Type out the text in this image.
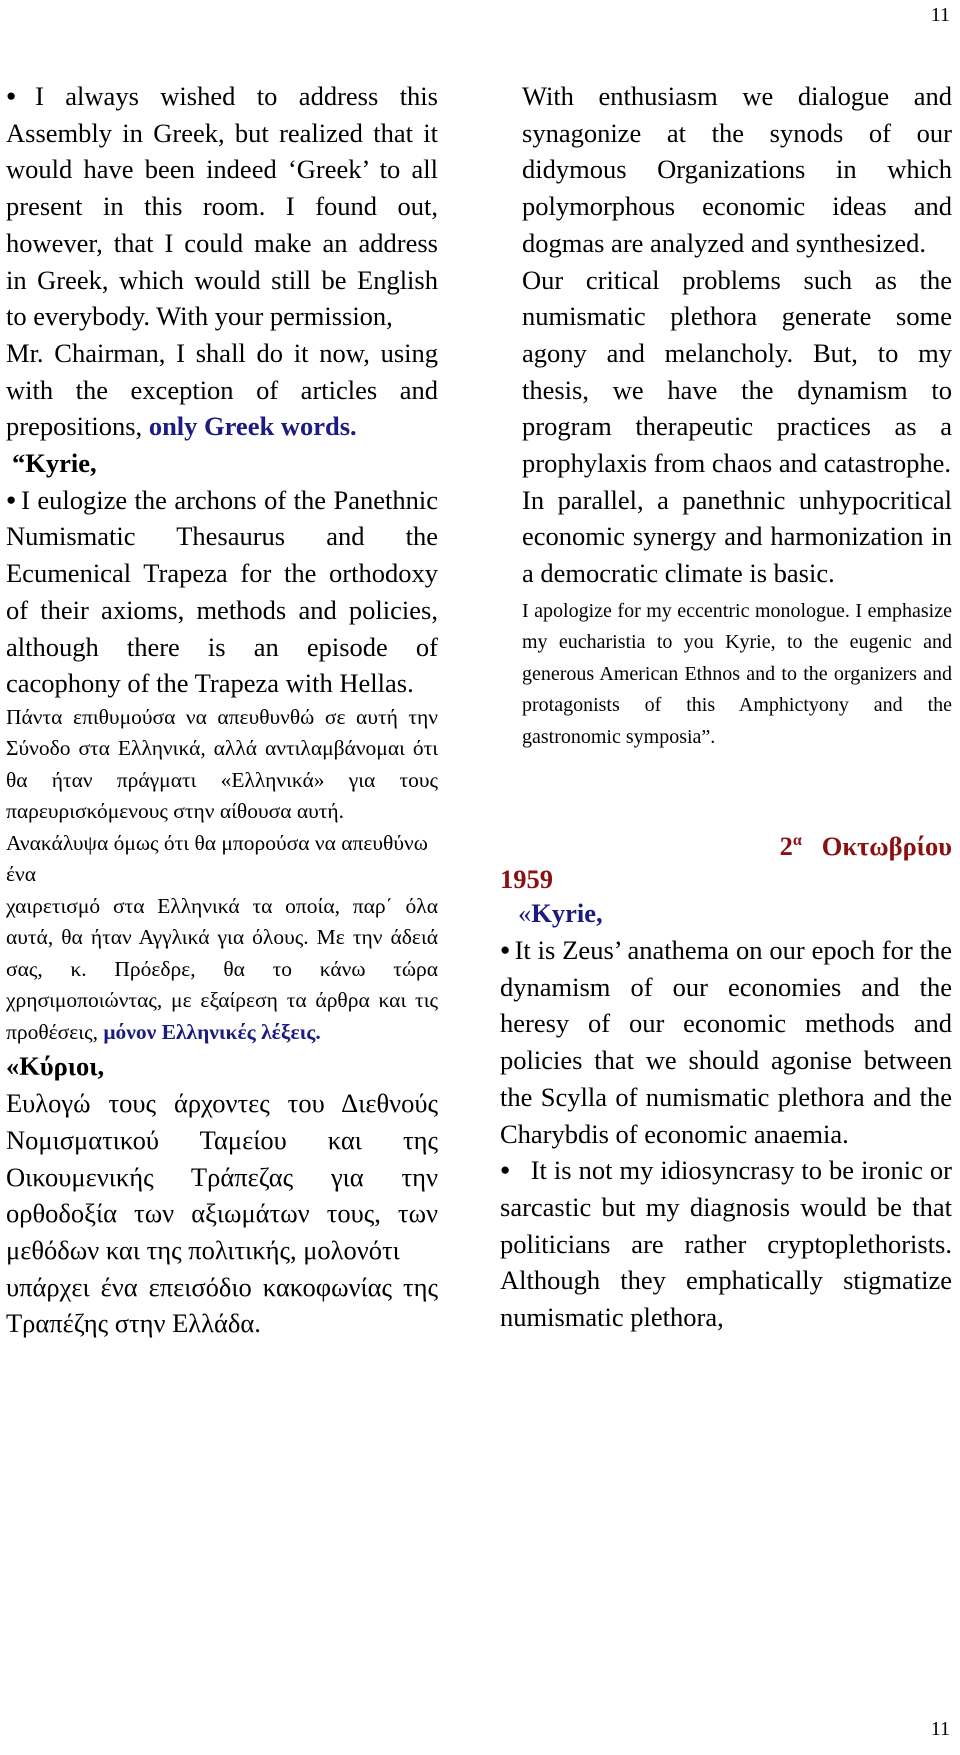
11

● I always wished to address this Assembly in Greek, but realized that it would have been indeed ‘Greek’ to all present in this room. I found out, however, that I could make an address in Greek, which would still be English to everybody. With your permission,

Mr. Chairman, I shall do it now, using with the exception of articles and prepositions, only Greek words.

“Kyrie,

● I eulogize the archons of the Panethnic Numismatic Thesaurus and the Ecumenical Trapeza for the orthodoxy of their axioms, methods and policies, although there is an episode of cacophony of the Trapeza with Hellas.

Πάντα επιθυμούσα να απευθυνθώ σε αυτή την Σύνοδο στα Ελληνικά, αλλά αντιλαμβάνομαι ότι θα ήταν πράγματι «Ελληνικά» για τους παρευρισκόμενους στην αίθουσα αυτή.

Ανακάλυψα όμως ότι θα μπορούσα να απευθύνω ένα

χαιρετισμό στα Ελληνικά τα οποία, παρ΄ όλα αυτά, θα ήταν Αγγλικά για όλους. Με την άδειά σας, κ. Πρόεδρε, θα το κάνω τώρα χρησιμοποιώντας, με εξαίρεση τα άρθρα και τις προθέσεις, μόνον Ελληνικές λέξεις.

«Κύριοι,

Ευλογώ τους άρχοντες του Διεθνούς Νομισματικού Ταμείου και της Οικουμενικής Τράπεζας για την ορθοδοξία των αξιωμάτων τους, των μεθόδων και της πολιτικής, μολονότι

υπάρχει ένα επεισόδιο κακοφωνίας της Τραπέζης στην Ελλάδα.

With enthusiasm we dialogue and synagonize at the synods of our didymous Organizations in which polymorphous economic ideas and dogmas are analyzed and synthesized.

Our critical problems such as the numismatic plethora generate some agony and melancholy. But, to my thesis, we have the dynamism to program therapeutic practices as a prophylaxis from chaos and catastrophe.

In parallel, a panethnic unhypocritical economic synergy and harmonization in a democratic climate is basic.

I apologize for my eccentric monologue. I emphasize my eucharistia to you Kyrie, to the eugenic and generous American Ethnos and to the organizers and protagonists of this Amphictyony and the gastronomic symposia”.

$2^\alpha$ Οκτωβρίου

1959

«Kyrie,

● It is Zeus’ anathema on our epoch for the dynamism of our economies and the heresy of our economic methods and policies that we should agonise between the Scylla of numismatic plethora and the Charybdis of economic anaemia.

● It is not my idiosyncrasy to be ironic or sarcastic but my diagnosis would be that politicians are rather cryptoplethorists. Although they emphatically stigmatize numismatic plethora,

11
